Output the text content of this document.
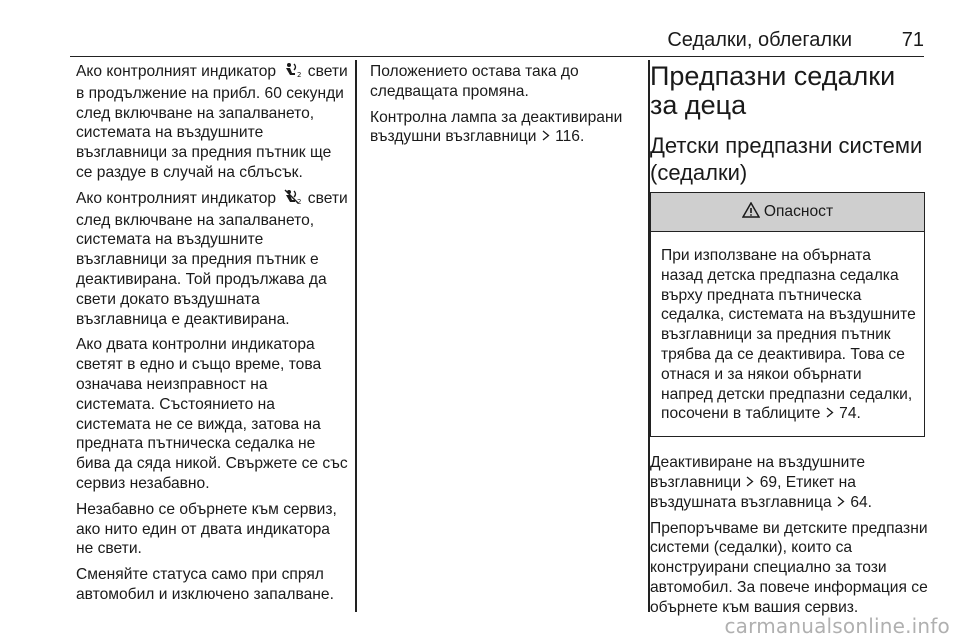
Седалки, облегалки 71

Ако контролният индикатор	2 свети в продължение на прибл. 60 секунди след включване на запалването, системата на въздушните възглавници за предния пътник ще се раздуе в случай на сблъсък.

Ако контролният индикатор	2 свети след включване на запалването, системата на въздушните възглавници за предния пътник е деактивирана. Той продължава да свети докато въздушната възглавница е деактивирана.

Ако двата контролни индикатора светят в едно и също време, това означава неизправност на системата. Състоянието на системата не се вижда, затова на предната пътническа седалка не бива да сяда никой. Свържете се със сервиз незабавно.

Незабавно се обърнете към сервиз, ако нито един от двата индикатора не свети.

Сменяйте статуса само при спрял автомобил и изключено запалване.

Положението остава така до следващата промяна.

Контролна лампа за деактивирани въздушни възглавници 116.

Предпазни седалки за деца
Детски предпазни системи (седалки)
Опасност
При използване на обърната назад детска предпазна седалка върху предната пътническа седалка, системата на въздушните възглавници за предния пътник трябва да се деактивира. Това се отнася и за някои обърнати напред детски предпазни седалки, посочени в таблиците 74.

Деактивиране на въздушните възглавници 69, Етикет на въздушната възглавница 64.

Препоръчваме ви детските предпазни системи (седалки), които са конструирани специално за този автомобил. За повече информация се обърнете към вашия сервиз.

carmanualsonline.info
